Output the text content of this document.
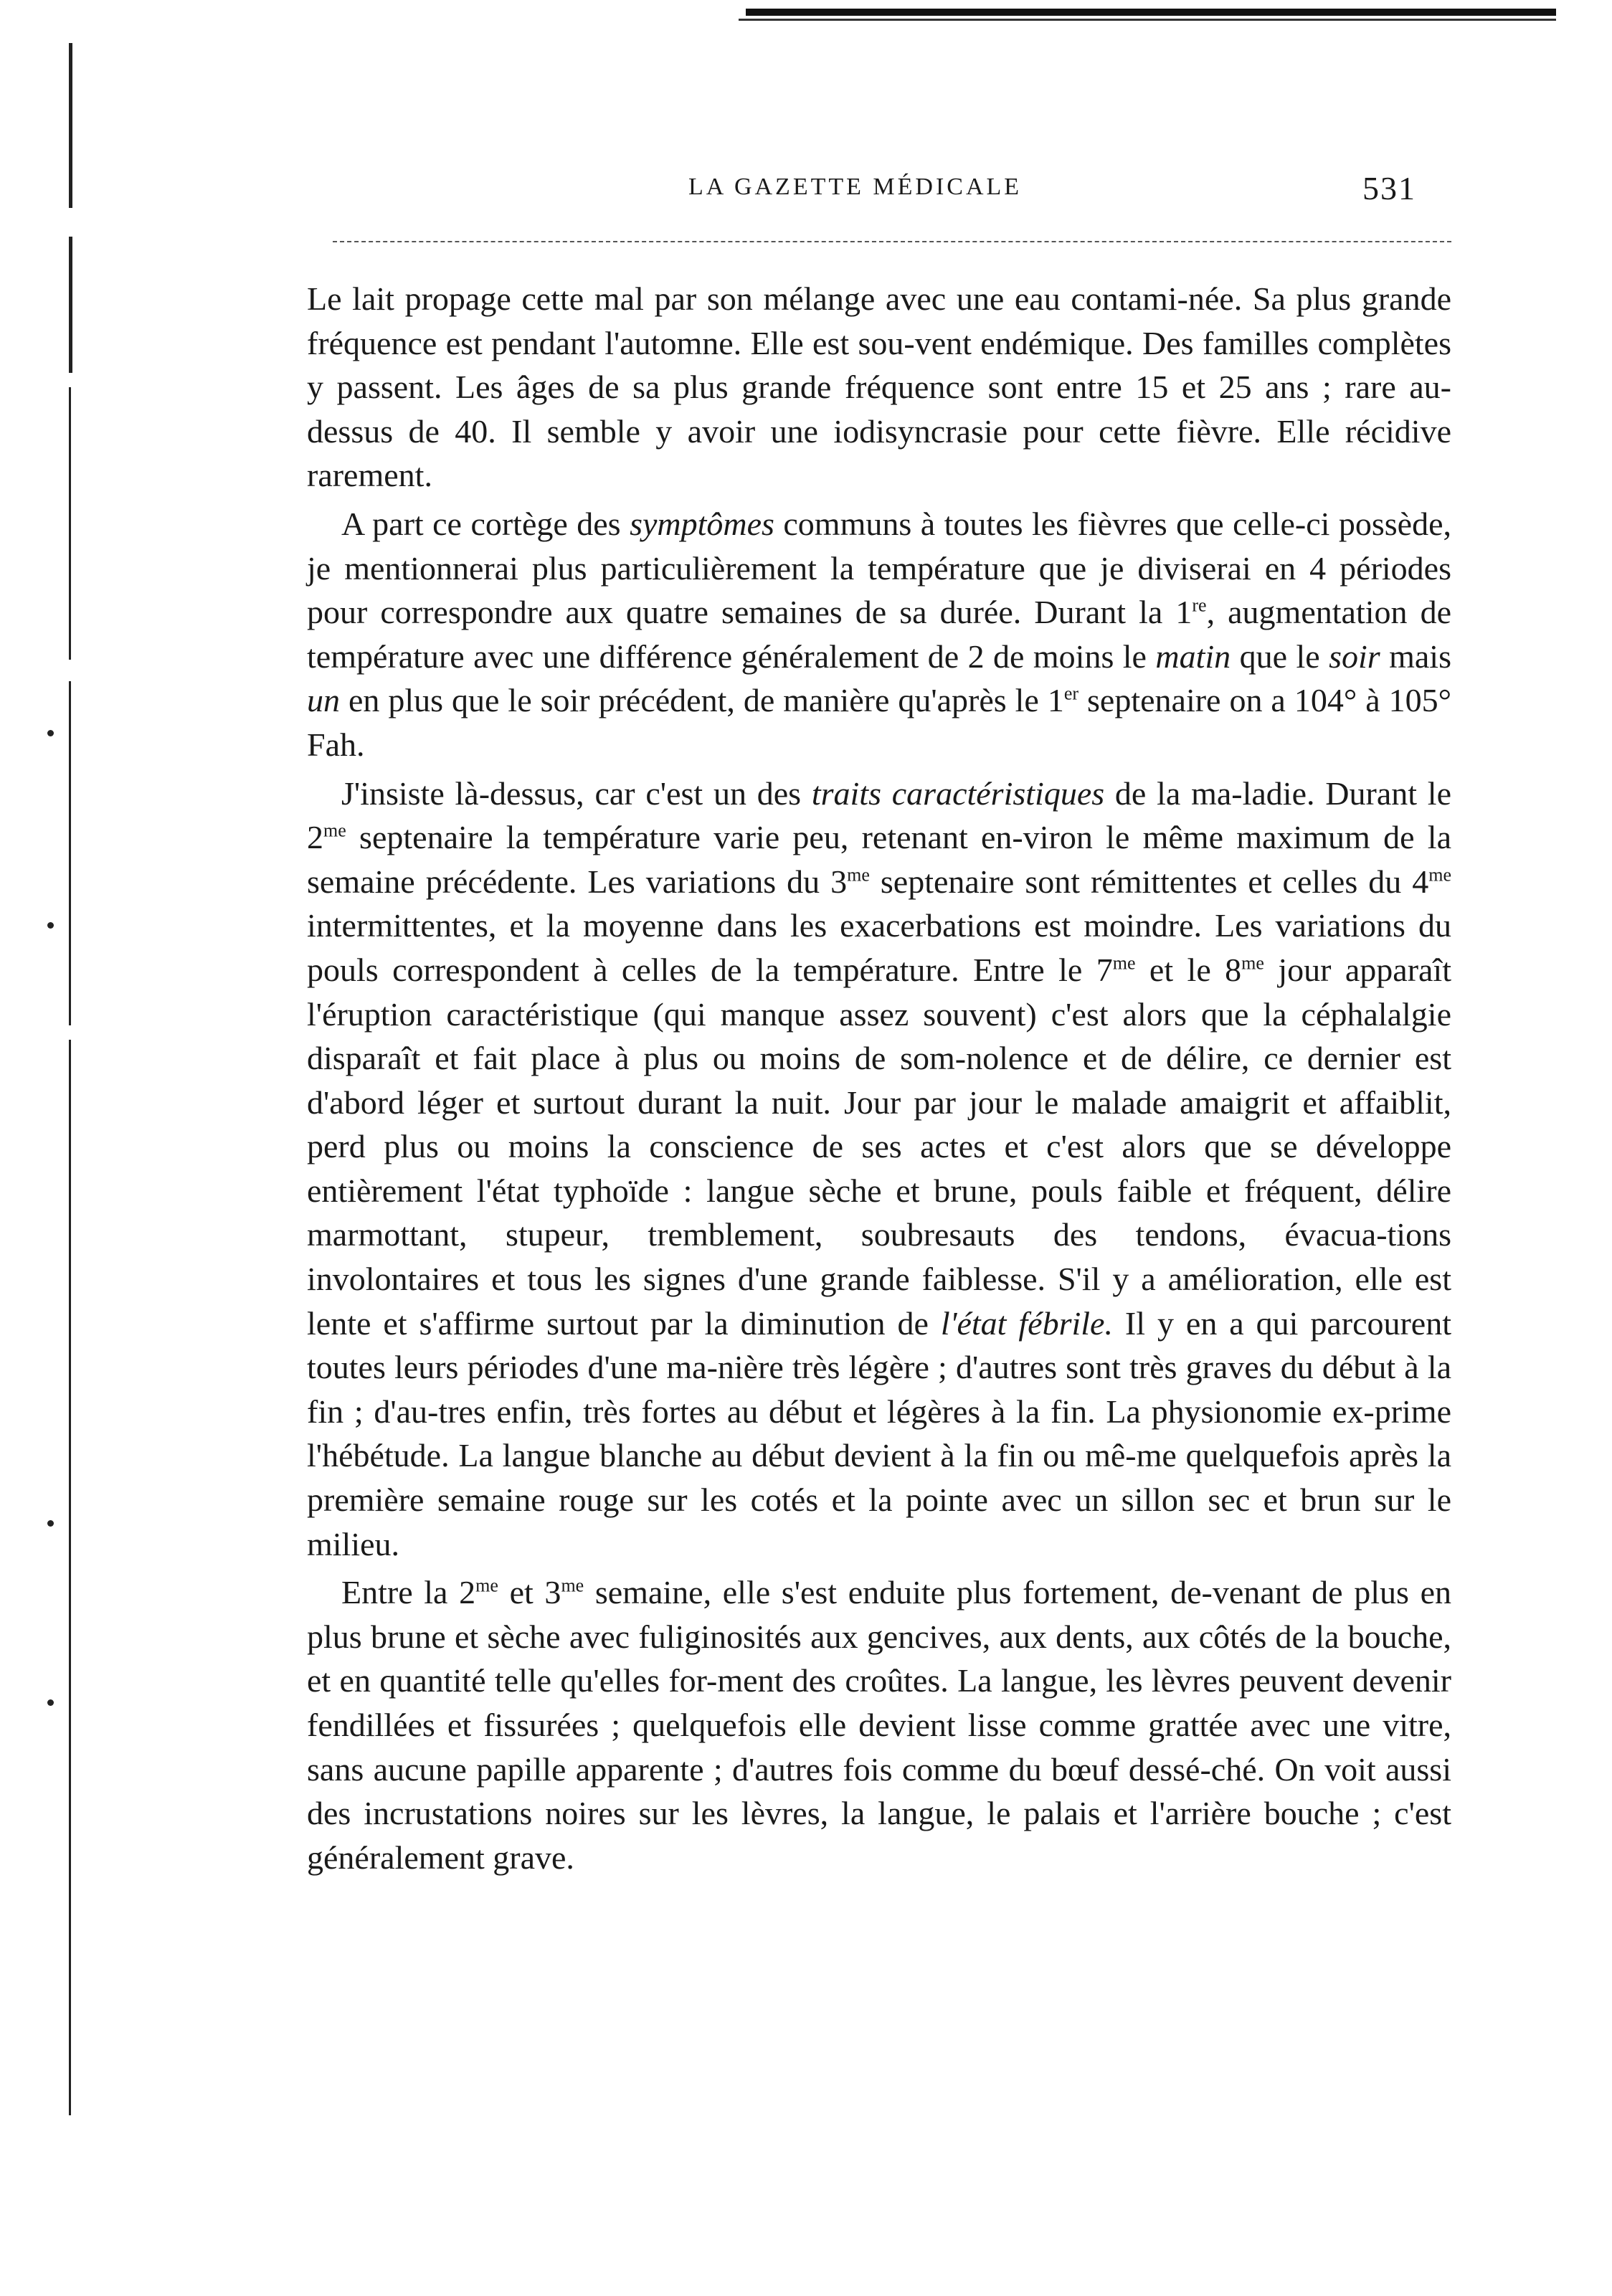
LA GAZETTE MÉDICALE	531

Le lait propage cette mal par son mélange avec une eau contami-née. Sa plus grande fréquence est pendant l'automne. Elle est sou-vent endémique. Des familles complètes y passent. Les âges de sa plus grande fréquence sont entre 15 et 25 ans ; rare au-dessus de 40. Il semble y avoir une iodisyncrasie pour cette fièvre. Elle récidive rarement.

A part ce cortège des symptômes communs à toutes les fièvres que celle-ci possède, je mentionnerai plus particulièrement la température que je diviserai en 4 périodes pour correspondre aux quatre semaines de sa durée. Durant la 1re, augmentation de température avec une différence généralement de 2 de moins le matin que le soir mais un en plus que le soir précédent, de manière qu'après le 1er septenaire on a 104° à 105° Fah.

J'insiste là-dessus, car c'est un des traits caractéristiques de la ma-ladie. Durant le $2^{me}$ septenaire la température varie peu, retenant en-viron le même maximum de la semaine précédente. Les variations du $3^{me}$ septenaire sont rémittentes et celles du $4^{me}$ intermittentes, et la moyenne dans les exacerbations est moindre. Les variations du pouls correspondent à celles de la température. Entre le $7^{me}$ et le $8^{me}$ jour apparaît l'éruption caractéristique (qui manque assez souvent) c'est alors que la céphalalgie disparaît et fait place à plus ou moins de som-nolence et de délire, ce dernier est d'abord léger et surtout durant la nuit. Jour par jour le malade amaigrit et affaiblit, perd plus ou moins la conscience de ses actes et c'est alors que se développe entièrement l'état typhoïde : langue sèche et brune, pouls faible et fréquent, délire marmottant, stupeur, tremblement, soubresauts des tendons, évacua-tions involontaires et tous les signes d'une grande faiblesse. S'il y a amélioration, elle est lente et s'affirme surtout par la diminution de l'état fébrile. Il y en a qui parcourent toutes leurs périodes d'une ma-nière très légère ; d'autres sont très graves du début à la fin ; d'au-tres enfin, très fortes au début et légères à la fin. La physionomie ex-prime l'hébétude. La langue blanche au début devient à la fin ou mê-me quelquefois après la première semaine rouge sur les cotés et la pointe avec un sillon sec et brun sur le milieu.

Entre la $2^{me}$ et $3^{me}$ semaine, elle s'est enduite plus fortement, de-venant de plus en plus brune et sèche avec fuliginosités aux gencives, aux dents, aux côtés de la bouche, et en quantité telle qu'elles for-ment des croûtes. La langue, les lèvres peuvent devenir fendillées et fissurées ; quelquefois elle devient lisse comme grattée avec une vitre, sans aucune papille apparente ; d'autres fois comme du bœuf dessé-ché. On voit aussi des incrustations noires sur les lèvres, la langue, le palais et l'arrière bouche ; c'est généralement grave.
